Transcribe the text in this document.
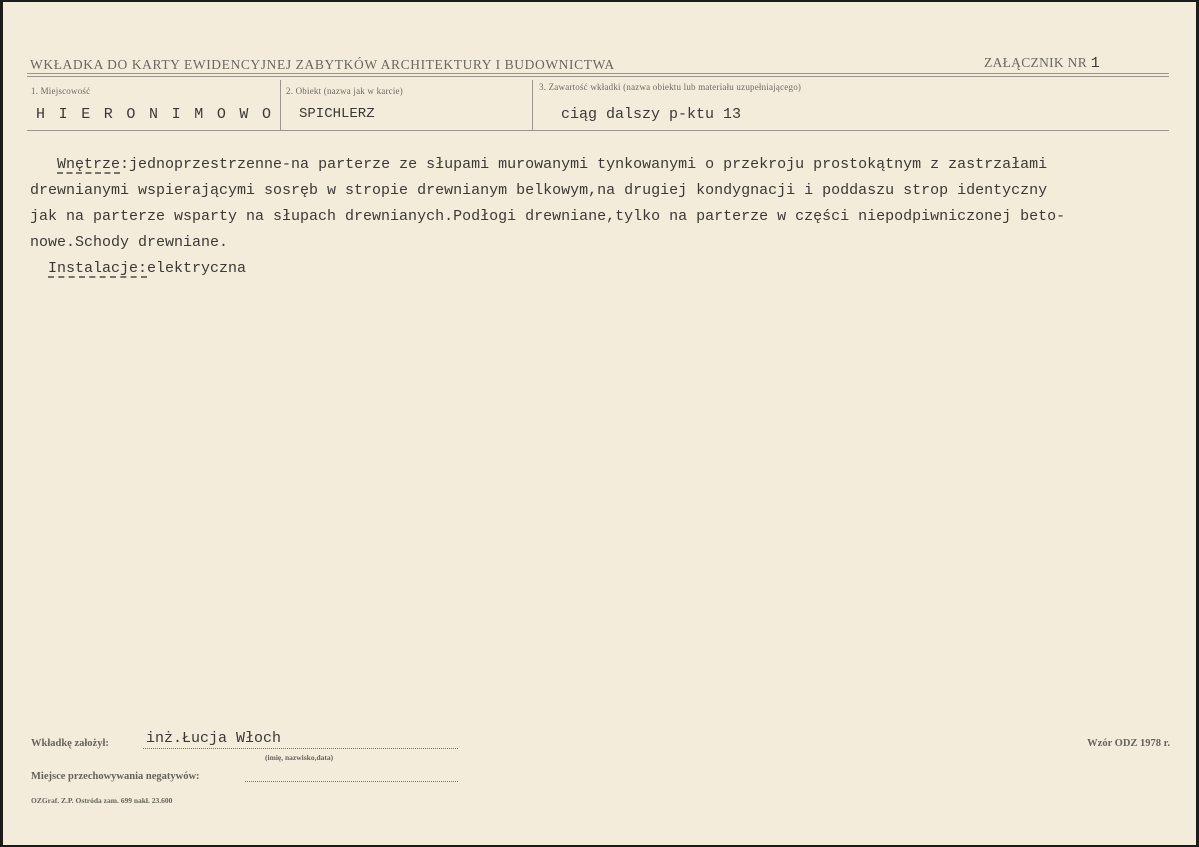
WKŁADKA DO KARTY EWIDENCYJNEJ ZABYTKÓW ARCHITEKTURY I BUDOWNICTWA	ZAŁĄCZNIK NR 1
1. Miejscowość
H I E R O N I M O W O
2. Obiekt (nazwa jak w karcie)
SPICHLERZ
3. Zawartość wkładki (nazwa obiektu lub materiału uzupełniającego)
ciąg dalszy p-ktu 13

Wnętrze:jednoprzestrzenne-na parterze ze słupami murowanymi tynkowanymi o przekroju prostokątnym z zastrzałami

drewnianymi wspierającymi sosręb w stropie drewnianym belkowym,na drugiej kondygnacji i poddaszu strop identyczny

jak na parterze wsparty na słupach drewnianych.Podłogi drewniane,tylko na parterze w części niepodpiwniczonej beto-

nowe.Schody drewniane.

Instalacje:elektryczna

Wkładkę założył: inż.Łucja Włoch
(imię, nazwisko,data)
Miejsce przechowywania negatywów:
OZGraf. Z.P. Ostróda zam. 699 nakł. 23.600
Wzór ODZ 1978 r.
